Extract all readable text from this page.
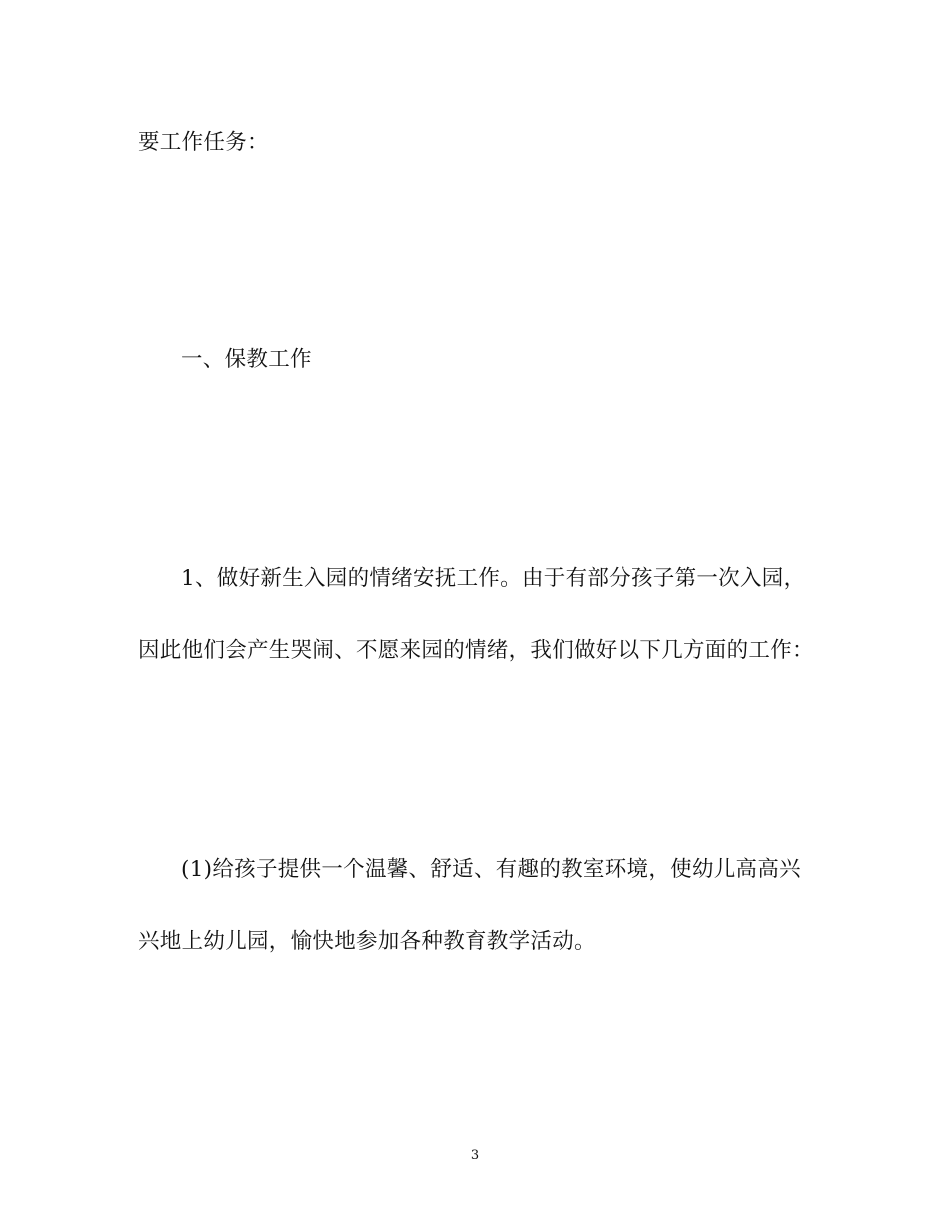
要工作任务：
一、保教工作
1、做好新生入园的情绪安抚工作。由于有部分孩子第一次入园，
因此他们会产生哭闹、不愿来园的情绪，我们做好以下几方面的工作：
(1)给孩子提供一个温馨、舒适、有趣的教室环境，使幼儿高高兴
兴地上幼儿园，愉快地参加各种教育教学活动。
3
